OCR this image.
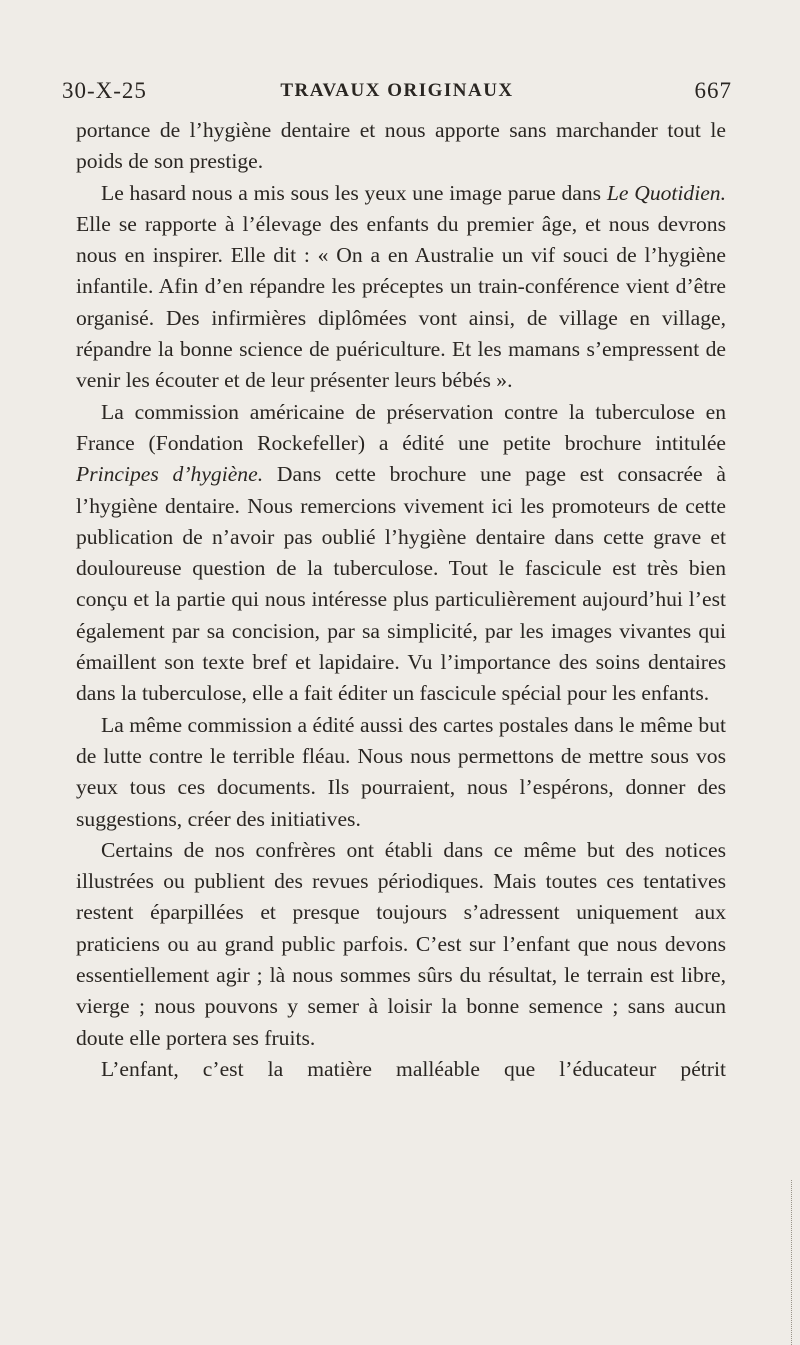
30-X-25	TRAVAUX ORIGINAUX	667

portance de l’hygiène dentaire et nous apporte sans marchander tout le poids de son prestige.

Le hasard nous a mis sous les yeux une image parue dans Le Quotidien. Elle se rapporte à l’élevage des enfants du premier âge, et nous devrons nous en inspirer. Elle dit : « On a en Australie un vif souci de l’hygiène infantile. Afin d’en répandre les préceptes un train-conférence vient d’être organisé. Des infirmières diplômées vont ainsi, de village en village, répandre la bonne science de puériculture. Et les mamans s’empressent de venir les écouter et de leur présenter leurs bébés ».

La commission américaine de préservation contre la tuberculose en France (Fondation Rockefeller) a édité une petite brochure intitulée Principes d’hygiène. Dans cette brochure une page est consacrée à l’hygiène dentaire. Nous remercions vivement ici les promoteurs de cette publication de n’avoir pas oublié l’hygiène dentaire dans cette grave et douloureuse question de la tuberculose. Tout le fascicule est très bien conçu et la partie qui nous intéresse plus particulièrement aujourd’hui l’est également par sa concision, par sa simplicité, par les images vivantes qui émaillent son texte bref et lapidaire. Vu l’importance des soins dentaires dans la tuberculose, elle a fait éditer un fascicule spécial pour les enfants.

La même commission a édité aussi des cartes postales dans le même but de lutte contre le terrible fléau. Nous nous permettons de mettre sous vos yeux tous ces documents. Ils pourraient, nous l’espérons, donner des suggestions, créer des initiatives.

Certains de nos confrères ont établi dans ce même but des notices illustrées ou publient des revues périodiques. Mais toutes ces tentatives restent éparpillées et presque toujours s’adressent uniquement aux praticiens ou au grand public parfois. C’est sur l’enfant que nous devons essentiellement agir ; là nous sommes sûrs du résultat, le terrain est libre, vierge ; nous pouvons y semer à loisir la bonne semence ; sans aucun doute elle portera ses fruits.

L’enfant, c’est la matière malléable que l’éducateur pétrit
